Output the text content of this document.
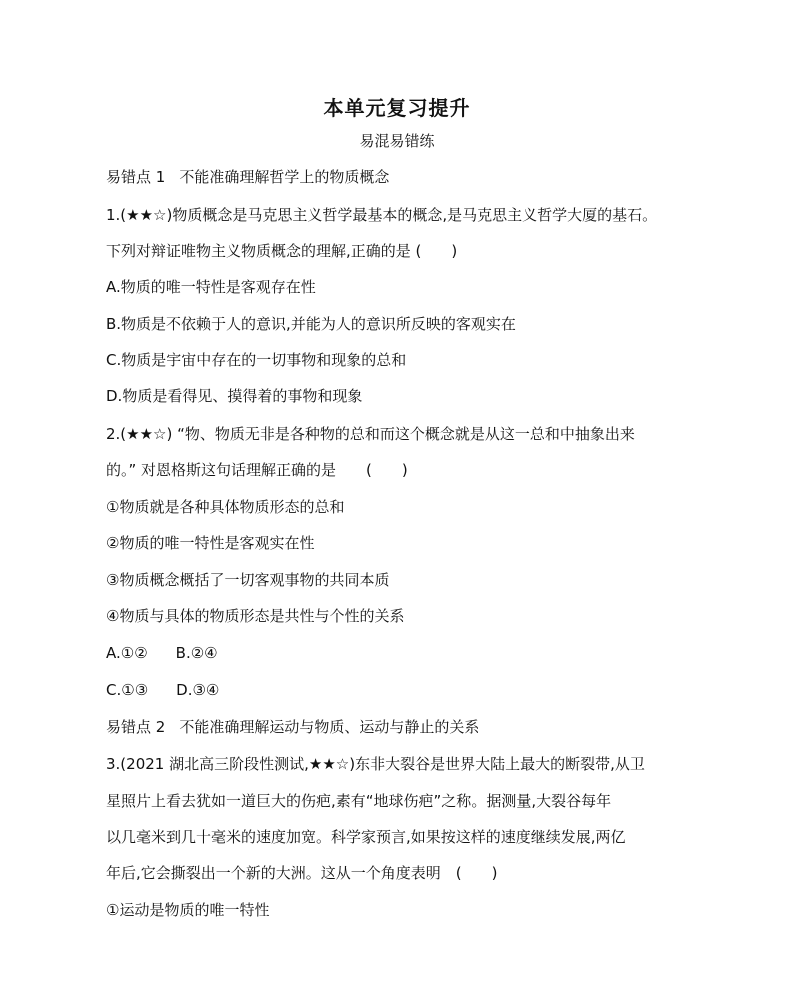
本单元复习提升
易混易错练
易错点 1 不能准确理解哲学上的物质概念
1.(★★☆)物质概念是马克思主义哲学最基本的概念,是马克思主义哲学大厦的基石。
下列对辩证唯物主义物质概念的理解,正确的是 (　　)
A.物质的唯一特性是客观存在性
B.物质是不依赖于人的意识,并能为人的意识所反映的客观实在
C.物质是宇宙中存在的一切事物和现象的总和
D.物质是看得见、摸得着的事物和现象
2.(★★☆) “物、物质无非是各种物的总和而这个概念就是从这一总和中抽象出来
的。” 对恩格斯这句话理解正确的是　　(　　)
①物质就是各种具体物质形态的总和
②物质的唯一特性是客观实在性
③物质概念概括了一切客观事物的共同本质
④物质与具体的物质形态是共性与个性的关系
A.①② B.②④
C.①③ D.③④
易错点 2 不能准确理解运动与物质、运动与静止的关系
3.(2021 湖北高三阶段性测试,★★☆)东非大裂谷是世界大陆上最大的断裂带,从卫
星照片上看去犹如一道巨大的伤疤,素有“地球伤疤”之称。据测量,大裂谷每年
以几毫米到几十毫米的速度加宽。科学家预言,如果按这样的速度继续发展,两亿
年后,它会撕裂出一个新的大洲。这从一个角度表明　(　　)
①运动是物质的唯一特性
